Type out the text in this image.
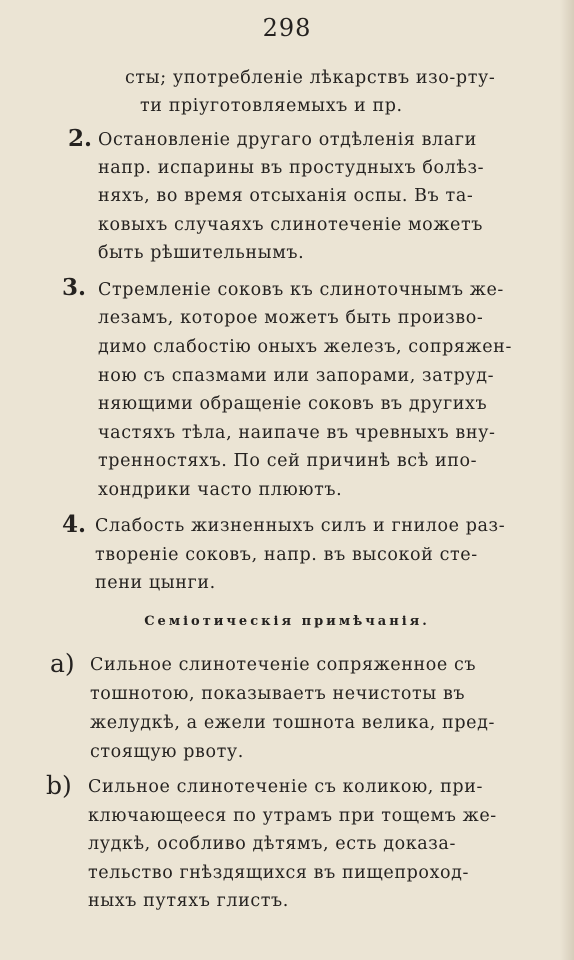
298
сты; употребленіе лѣкарствъ изо-рту-
ти пріуготовляемыхъ и пр.
2. Остановленіе другаго отдѣленія влаги
напр. испарины въ простудныхъ болѣз-
няхъ, во время отсыханія оспы. Въ та-
ковыхъ случаяхъ слинотеченіе можетъ
быть рѣшительнымъ.
3. Стремленіе соковъ къ слиноточнымъ же-
лезамъ, которое можетъ быть произво-
димо слабостію оныхъ железъ, сопряжен-
ною съ спазмами или запорами, затруд-
няющими обращеніе соковъ въ другихъ
частяхъ тѣла, наипаче въ чревныхъ вну-
тренностяхъ. По сей причинѣ всѣ ипо-
хондрики часто плюютъ.
4. Слабость жизненныхъ силъ и гнилое раз-
твореніе соковъ, напр. въ высокой сте-
пени цынги.
Семіотическія примѣчанія.
a) Сильное слинотеченіе сопряженное съ
тошнотою, показываетъ нечистоты въ
желудкѣ, а ежели тошнота велика, пред-
стоящую рвоту.
b) Сильное слинотеченіе съ коликою, при-
ключающееся по утрамъ при тощемъ же-
лудкѣ, особливо дѣтямъ, есть доказа-
тельство гнѣздящихся въ пищепроход-
ныхъ путяхъ глистъ.
